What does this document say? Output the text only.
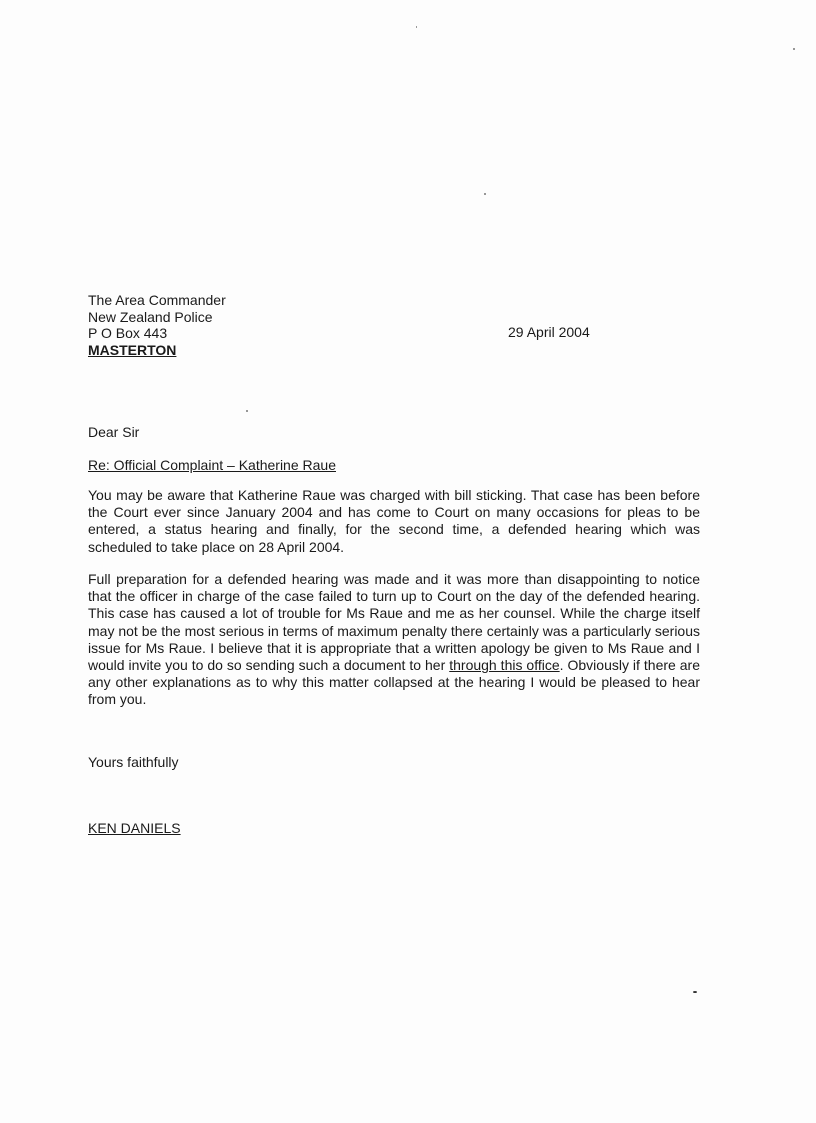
The Area Commander
New Zealand Police
P O Box 443
MASTERTON
29 April 2004
Dear Sir
Re: Official Complaint – Katherine Raue
You may be aware that Katherine Raue was charged with bill sticking. That case has been before the Court ever since January 2004 and has come to Court on many occasions for pleas to be entered, a status hearing and finally, for the second time, a defended hearing which was scheduled to take place on 28 April 2004.
Full preparation for a defended hearing was made and it was more than disappointing to notice that the officer in charge of the case failed to turn up to Court on the day of the defended hearing. This case has caused a lot of trouble for Ms Raue and me as her counsel. While the charge itself may not be the most serious in terms of maximum penalty there certainly was a particularly serious issue for Ms Raue. I believe that it is appropriate that a written apology be given to Ms Raue and I would invite you to do so sending such a document to her through this office. Obviously if there are any other explanations as to why this matter collapsed at the hearing I would be pleased to hear from you.
Yours faithfully
KEN DANIELS
